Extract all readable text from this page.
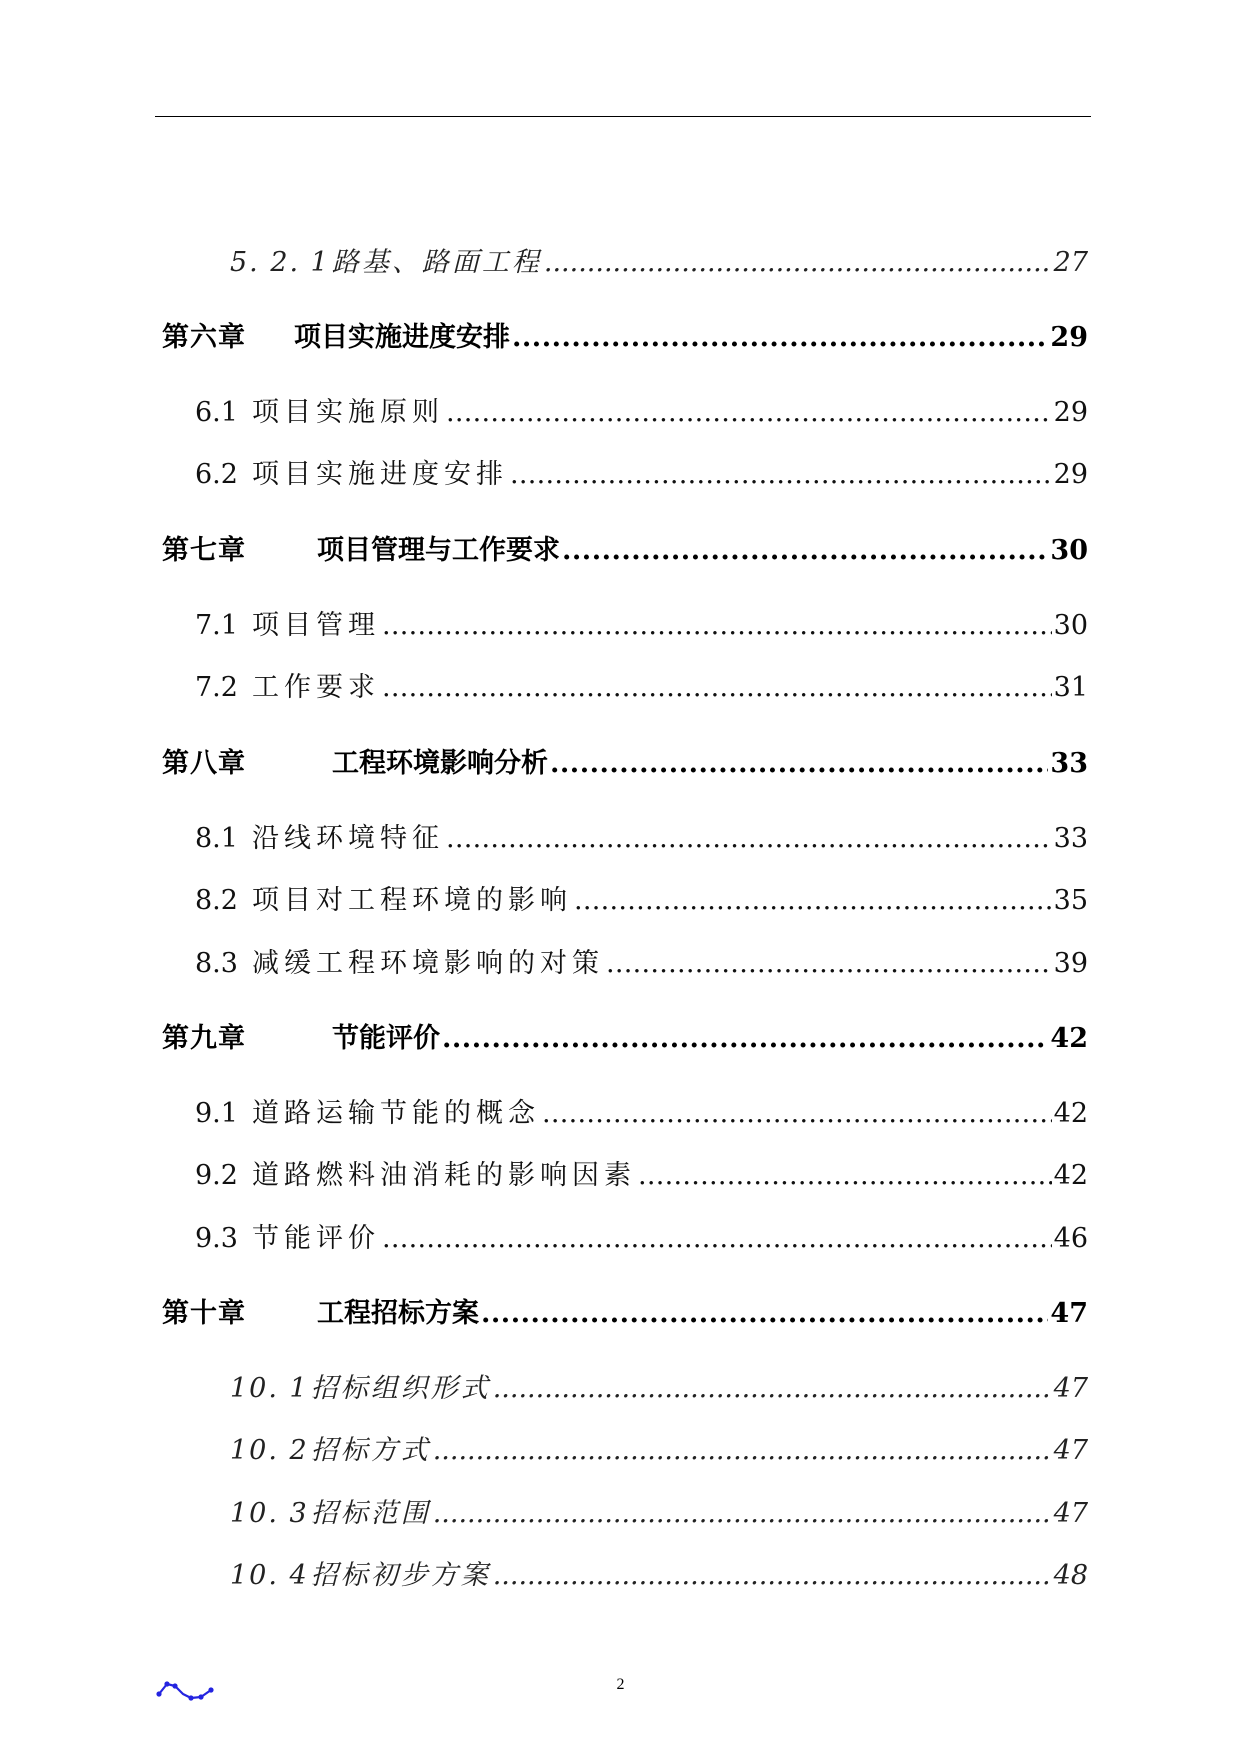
5. 2. 1路基、路面工程 .....	27
第六章 项目实施进度安排 .....	29
6.1 项目实施原则 .....	29
6.2 项目实施进度安排 .....	29
第七章	项目管理与工作要求 .....	30
7.1 项目管理 .....	30
7.2 工作要求 .....	31
第八章	工程环境影响分析 .....	33
8.1 沿线环境特征 .....	33
8.2 项目对工程环境的影响 .....	35
8.3 减缓工程环境影响的对策 .....	39
第九章	节能评价 .....	42
9.1 道路运输节能的概念 .....	42
9.2 道路燃料油消耗的影响因素 .....	42
9.3 节能评价 .....	46
第十章	工程招标方案 .....	47
10. 1招标组织形式 .....	47
10. 2招标方式 .....	47
10. 3招标范围 .....	47
10. 4招标初步方案 .....	48
2
